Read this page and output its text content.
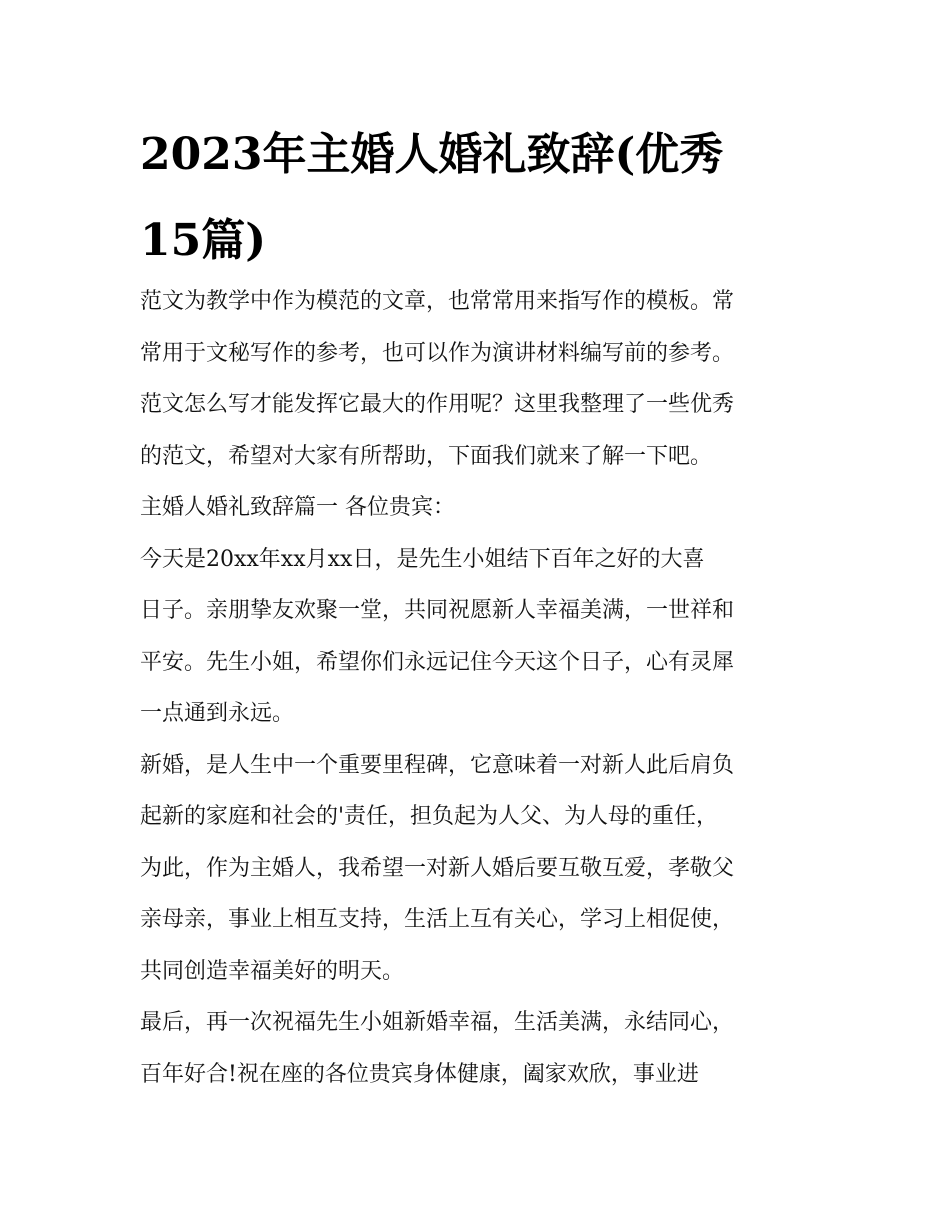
2023年主婚人婚礼致辞(优秀
15篇)
范文为教学中作为模范的文章，也常常用来指写作的模板。常
常用于文秘写作的参考，也可以作为演讲材料编写前的参考。
范文怎么写才能发挥它最大的作用呢？这里我整理了一些优秀
的范文，希望对大家有所帮助，下面我们就来了解一下吧。
主婚人婚礼致辞篇一 各位贵宾：
今天是20xx年xx月xx日，是先生小姐结下百年之好的大喜
日子。亲朋挚友欢聚一堂，共同祝愿新人幸福美满，一世祥和
平安。先生小姐，希望你们永远记住今天这个日子，心有灵犀
一点通到永远。
新婚，是人生中一个重要里程碑，它意味着一对新人此后肩负
起新的家庭和社会的'责任，担负起为人父、为人母的重任，
为此，作为主婚人，我希望一对新人婚后要互敬互爱，孝敬父
亲母亲，事业上相互支持，生活上互有关心，学习上相促使，
共同创造幸福美好的明天。
最后，再一次祝福先生小姐新婚幸福，生活美满，永结同心，
百年好合!祝在座的各位贵宾身体健康，阖家欢欣，事业进
